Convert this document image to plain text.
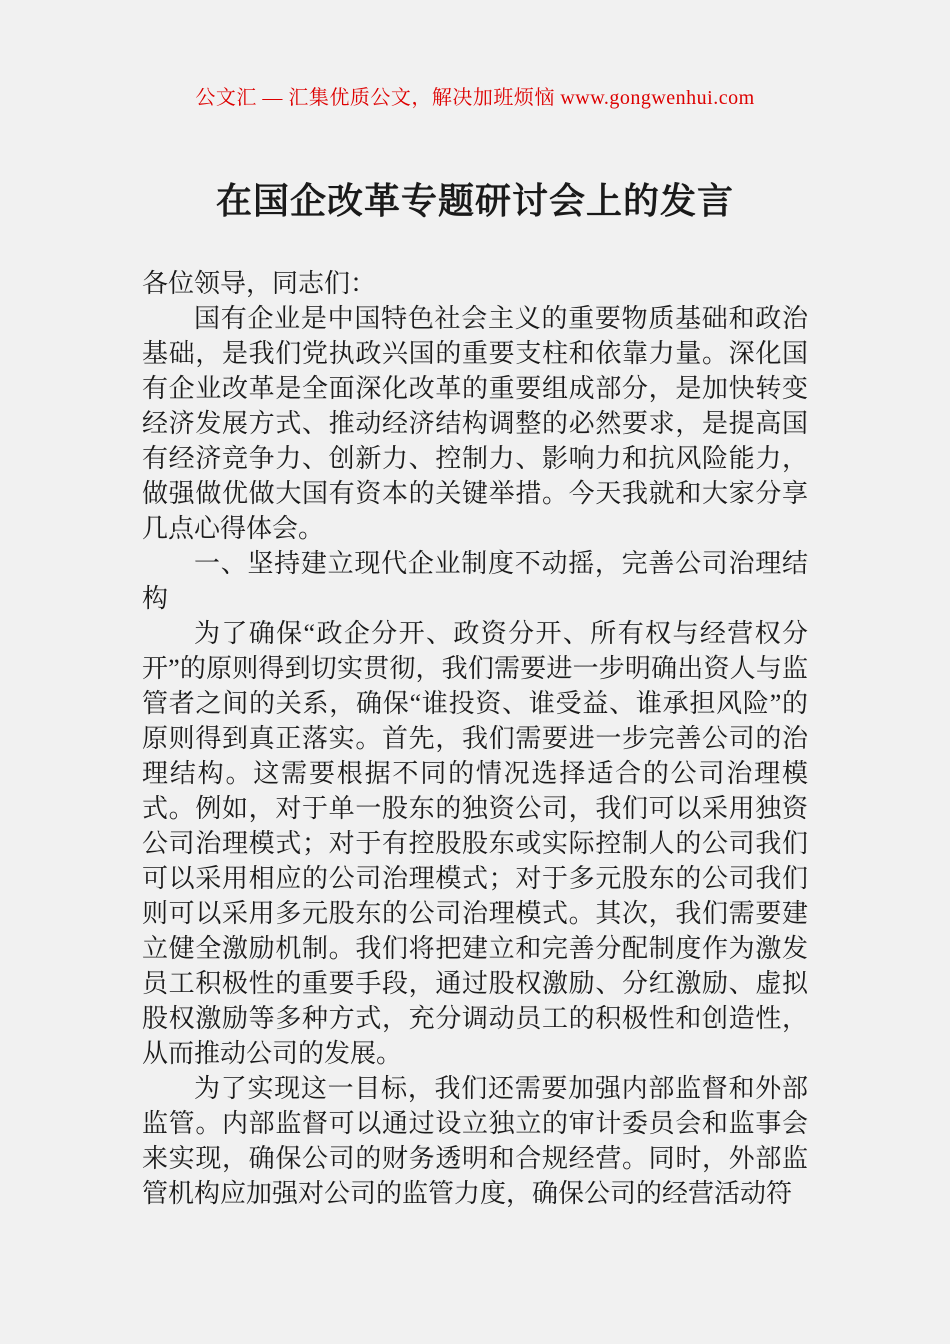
公文汇 — 汇集优质公文，解决加班烦恼 www.gongwenhui.com
在国企改革专题研讨会上的发言

各位领导，同志们：

国有企业是中国特色社会主义的重要物质基础和政治基础，是我们党执政兴国的重要支柱和依靠力量。深化国有企业改革是全面深化改革的重要组成部分，是加快转变经济发展方式、推动经济结构调整的必然要求，是提高国有经济竞争力、创新力、控制力、影响力和抗风险能力，做强做优做大国有资本的关键举措。今天我就和大家分享几点心得体会。

一、坚持建立现代企业制度不动摇，完善公司治理结构

为了确保“政企分开、政资分开、所有权与经营权分开”的原则得到切实贯彻，我们需要进一步明确出资人与监管者之间的关系，确保“谁投资、谁受益、谁承担风险”的原则得到真正落实。首先，我们需要进一步完善公司的治理结构。这需要根据不同的情况选择适合的公司治理模式。例如，对于单一股东的独资公司，我们可以采用独资公司治理模式；对于有控股股东或实际控制人的公司我们可以采用相应的公司治理模式；对于多元股东的公司我们则可以采用多元股东的公司治理模式。其次，我们需要建立健全激励机制。我们将把建立和完善分配制度作为激发员工积极性的重要手段，通过股权激励、分红激励、虚拟股权激励等多种方式，充分调动员工的积极性和创造性，从而推动公司的发展。

为了实现这一目标，我们还需要加强内部监督和外部监管。内部监督可以通过设立独立的审计委员会和监事会来实现，确保公司的财务透明和合规经营。同时，外部监管机构应加强对公司的监管力度，确保公司的经营活动符
